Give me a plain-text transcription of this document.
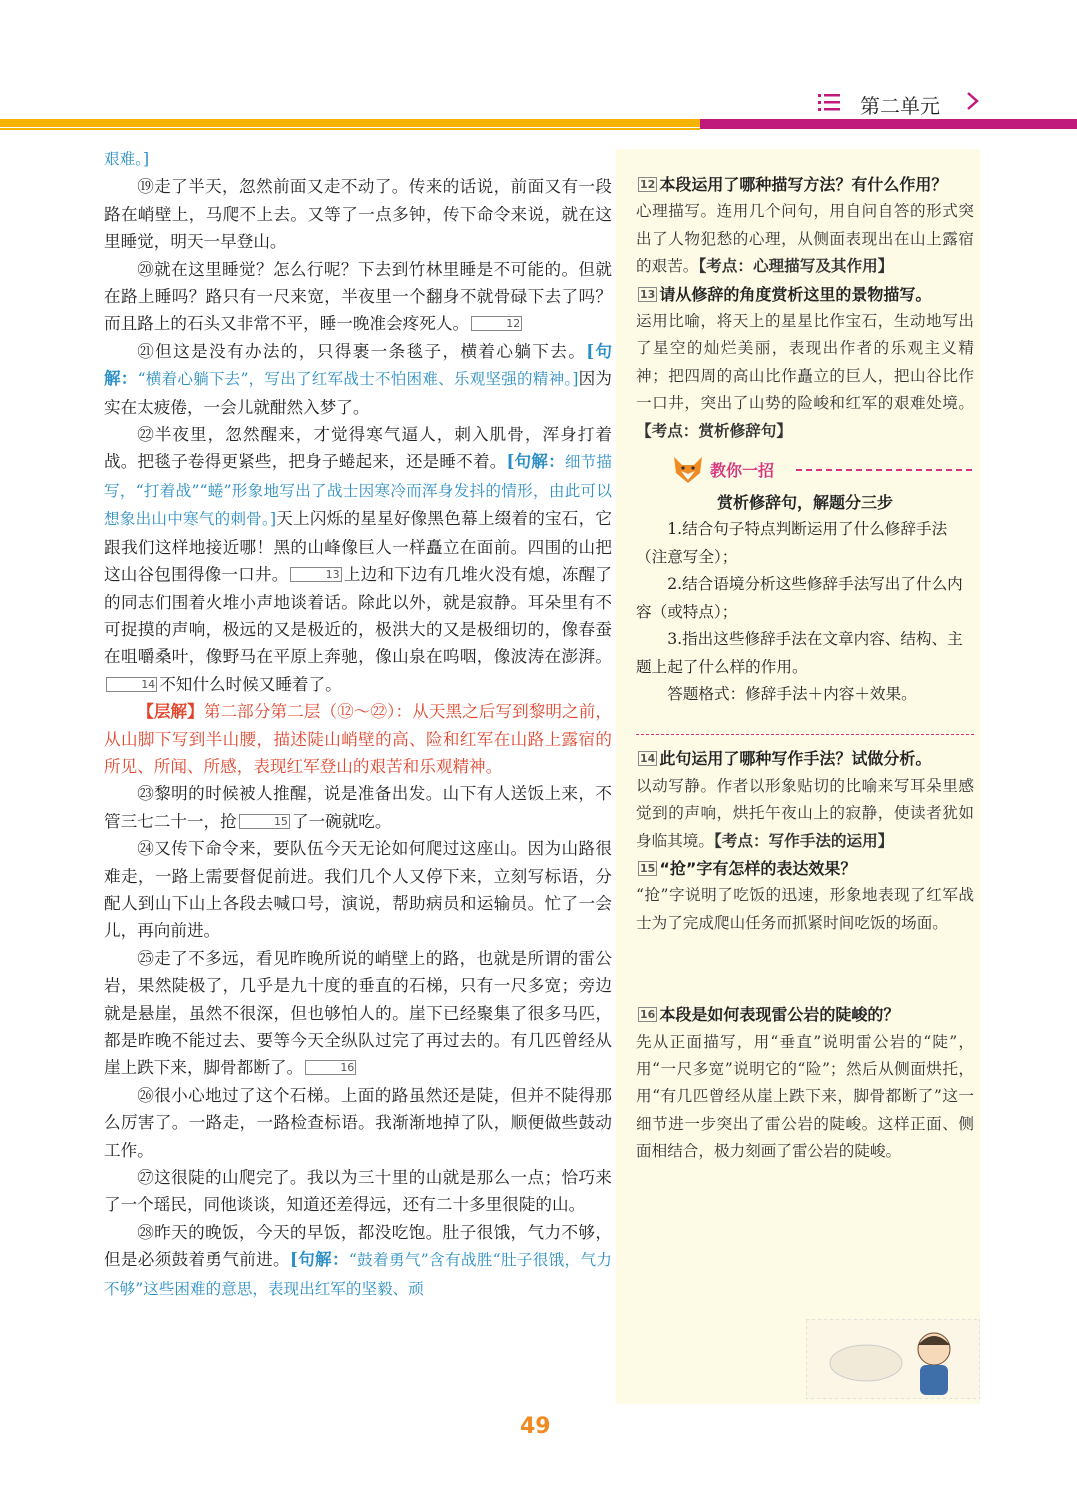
第二单元

艰难。]

⑲走了半天，忽然前面又走不动了。传来的话说，前面又有一段路在峭壁上，马爬不上去。又等了一点多钟，传下命令来说，就在这里睡觉，明天一早登山。

⑳就在这里睡觉？怎么行呢？下去到竹林里睡是不可能的。但就在路上睡吗？路只有一尺来宽，半夜里一个翻身不就骨碌下去了吗？而且路上的石头又非常不平，睡一晚准会疼死人。	12

㉑但这是没有办法的，只得裹一条毯子，横着心躺下去。[句解：“横着心躺下去”，写出了红军战士不怕困难、乐观坚强的精神。]因为实在太疲倦，一会儿就酣然入梦了。

㉒半夜里，忽然醒来，才觉得寒气逼人，刺入肌骨，浑身打着战。把毯子卷得更紧些，把身子蜷起来，还是睡不着。[句解：细节描写，“打着战”“蜷”形象地写出了战士因寒冷而浑身发抖的情形，由此可以想象出山中寒气的刺骨。]天上闪烁的星星好像黑色幕上缀着的宝石，它跟我们这样地接近哪！黑的山峰像巨人一样矗立在面前。四围的山把这山谷包围得像一口井。	13 上边和下边有几堆火没有熄，冻醒了的同志们围着火堆小声地谈着话。除此以外，就是寂静。耳朵里有不可捉摸的声响，极远的又是极近的，极洪大的又是极细切的，像春蚕在咀嚼桑叶，像野马在平原上奔驰，像山泉在呜咽，像波涛在澎湃。14 不知什么时候又睡着了。

【层解】第二部分第二层（⑫～㉒）：从天黑之后写到黎明之前，从山脚下写到半山腰，描述陡山峭壁的高、险和红军在山路上露宿的所见、所闻、所感，表现红军登山的艰苦和乐观精神。

㉓黎明的时候被人推醒，说是准备出发。山下有人送饭上来，不管三七二十一，抢	15 了一碗就吃。

㉔又传下命令来，要队伍今天无论如何爬过这座山。因为山路很难走，一路上需要督促前进。我们几个人又停下来，立刻写标语，分配人到山下山上各段去喊口号，演说，帮助病员和运输员。忙了一会儿，再向前进。

㉕走了不多远，看见昨晚所说的峭壁上的路，也就是所谓的雷公岩，果然陡极了，几乎是九十度的垂直的石梯，只有一尺多宽；旁边就是悬崖，虽然不很深，但也够怕人的。崖下已经聚集了很多马匹，都是昨晚不能过去、要等今天全纵队过完了再过去的。有几匹曾经从崖上跌下来，脚骨都断了。	16

㉖很小心地过了这个石梯。上面的路虽然还是陡，但并不陡得那么厉害了。一路走，一路检查标语。我渐渐地掉了队，顺便做些鼓动工作。

㉗这很陡的山爬完了。我以为三十里的山就是那么一点；恰巧来了一个瑶民，同他谈谈，知道还差得远，还有二十多里很陡的山。

㉘昨天的晚饭，今天的早饭，都没吃饱。肚子很饿，气力不够，但是必须鼓着勇气前进。[句解：“鼓着勇气”含有战胜“肚子很饿，气力不够”这些困难的意思，表现出红军的坚毅、顽

12 本段运用了哪种描写方法？有什么作用？

心理描写。连用几个问句，用自问自答的形式突出了人物犯愁的心理，从侧面表现出在山上露宿的艰苦。【考点：心理描写及其作用】

13 请从修辞的角度赏析这里的景物描写。

运用比喻，将天上的星星比作宝石，生动地写出了星空的灿烂美丽，表现出作者的乐观主义精神；把四周的高山比作矗立的巨人，把山谷比作一口井，突出了山势的险峻和红军的艰难处境。【考点：赏析修辞句】

教你一招

赏析修辞句，解题分三步

1.结合句子特点判断运用了什么修辞手法（注意写全）；

2.结合语境分析这些修辞手法写出了什么内容（或特点）；

3.指出这些修辞手法在文章内容、结构、主题上起了什么样的作用。

答题格式：修辞手法＋内容＋效果。

14 此句运用了哪种写作手法？试做分析。

以动写静。作者以形象贴切的比喻来写耳朵里感觉到的声响，烘托午夜山上的寂静，使读者犹如身临其境。【考点：写作手法的运用】

15 “抢”字有怎样的表达效果？

“抢”字说明了吃饭的迅速，形象地表现了红军战士为了完成爬山任务而抓紧时间吃饭的场面。

16 本段是如何表现雷公岩的陡峻的？

先从正面描写，用“垂直”说明雷公岩的“陡”，用“一尺多宽”说明它的“险”；然后从侧面烘托，用“有几匹曾经从崖上跌下来，脚骨都断了”这一细节进一步突出了雷公岩的陡峻。这样正面、侧面相结合，极力刻画了雷公岩的陡峻。

49
